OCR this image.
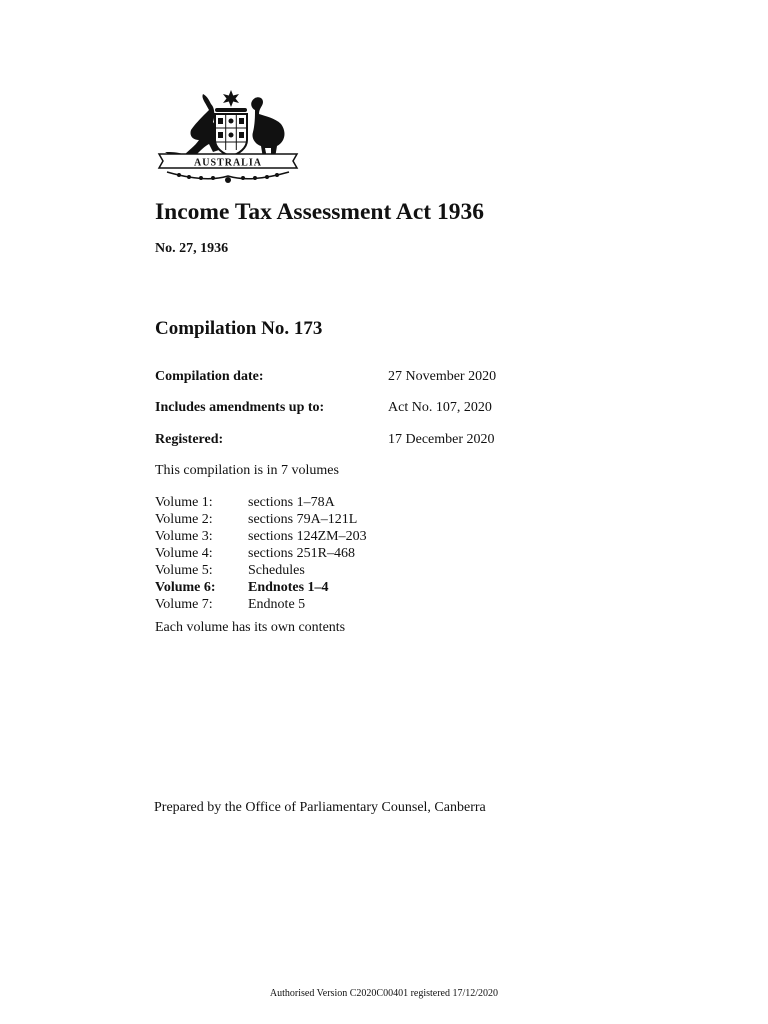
AUSTRALIA
Income Tax Assessment Act 1936
No. 27, 1936
Compilation No. 173
Compilation date:	27 November 2020
Includes amendments up to:	Act No. 107, 2020
Registered:	17 December 2020
This compilation is in 7 volumes
Volume 1:	sections 1–78A
Volume 2:	sections 79A–121L
Volume 3:	sections 124ZM–203
Volume 4:	sections 251R–468
Volume 5:	Schedules
Volume 6: Endnotes 1–4
Volume 7:	Endnote 5
Each volume has its own contents
Prepared by the Office of Parliamentary Counsel, Canberra
Authorised Version C2020C00401 registered 17/12/2020
